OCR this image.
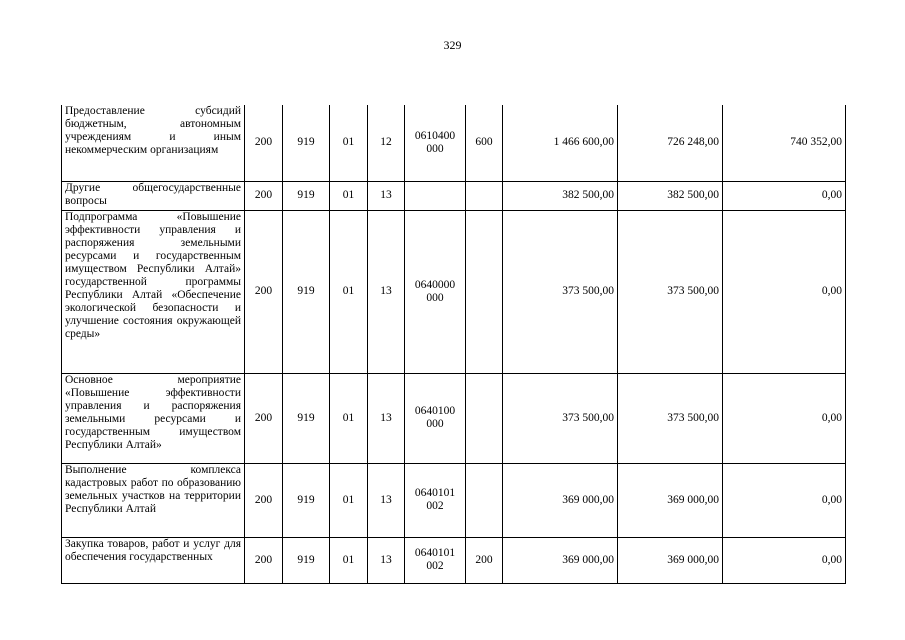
329
Предоставление субсидий бюджетным, автономным учреждениям и иным некоммерческим организациям	200	919	01	12	0610400 000	600	1 466 600,00	726 248,00	740 352,00
Другие общегосударственные вопросы	200	919	01	13			382 500,00	382 500,00	0,00
Подпрограмма «Повышение эффективности управления и распоряжения земельными ресурсами и государственным имуществом Республики Алтай» государственной программы Республики Алтай «Обеспечение экологической безопасности и улучшение состояния окружающей среды»	200	919	01	13	0640000 000		373 500,00	373 500,00	0,00
Основное мероприятие «Повышение эффективности управления и распоряжения земельными ресурсами и государственным имуществом Республики Алтай»	200	919	01	13	0640100 000		373 500,00	373 500,00	0,00
Выполнение комплекса кадастровых работ по образованию земельных участков на территории Республики Алтай	200	919	01	13	0640101 002		369 000,00	369 000,00	0,00
Закупка товаров, работ и услуг для обеспечения государственных	200	919	01	13	0640101 002	200	369 000,00	369 000,00	0,00
